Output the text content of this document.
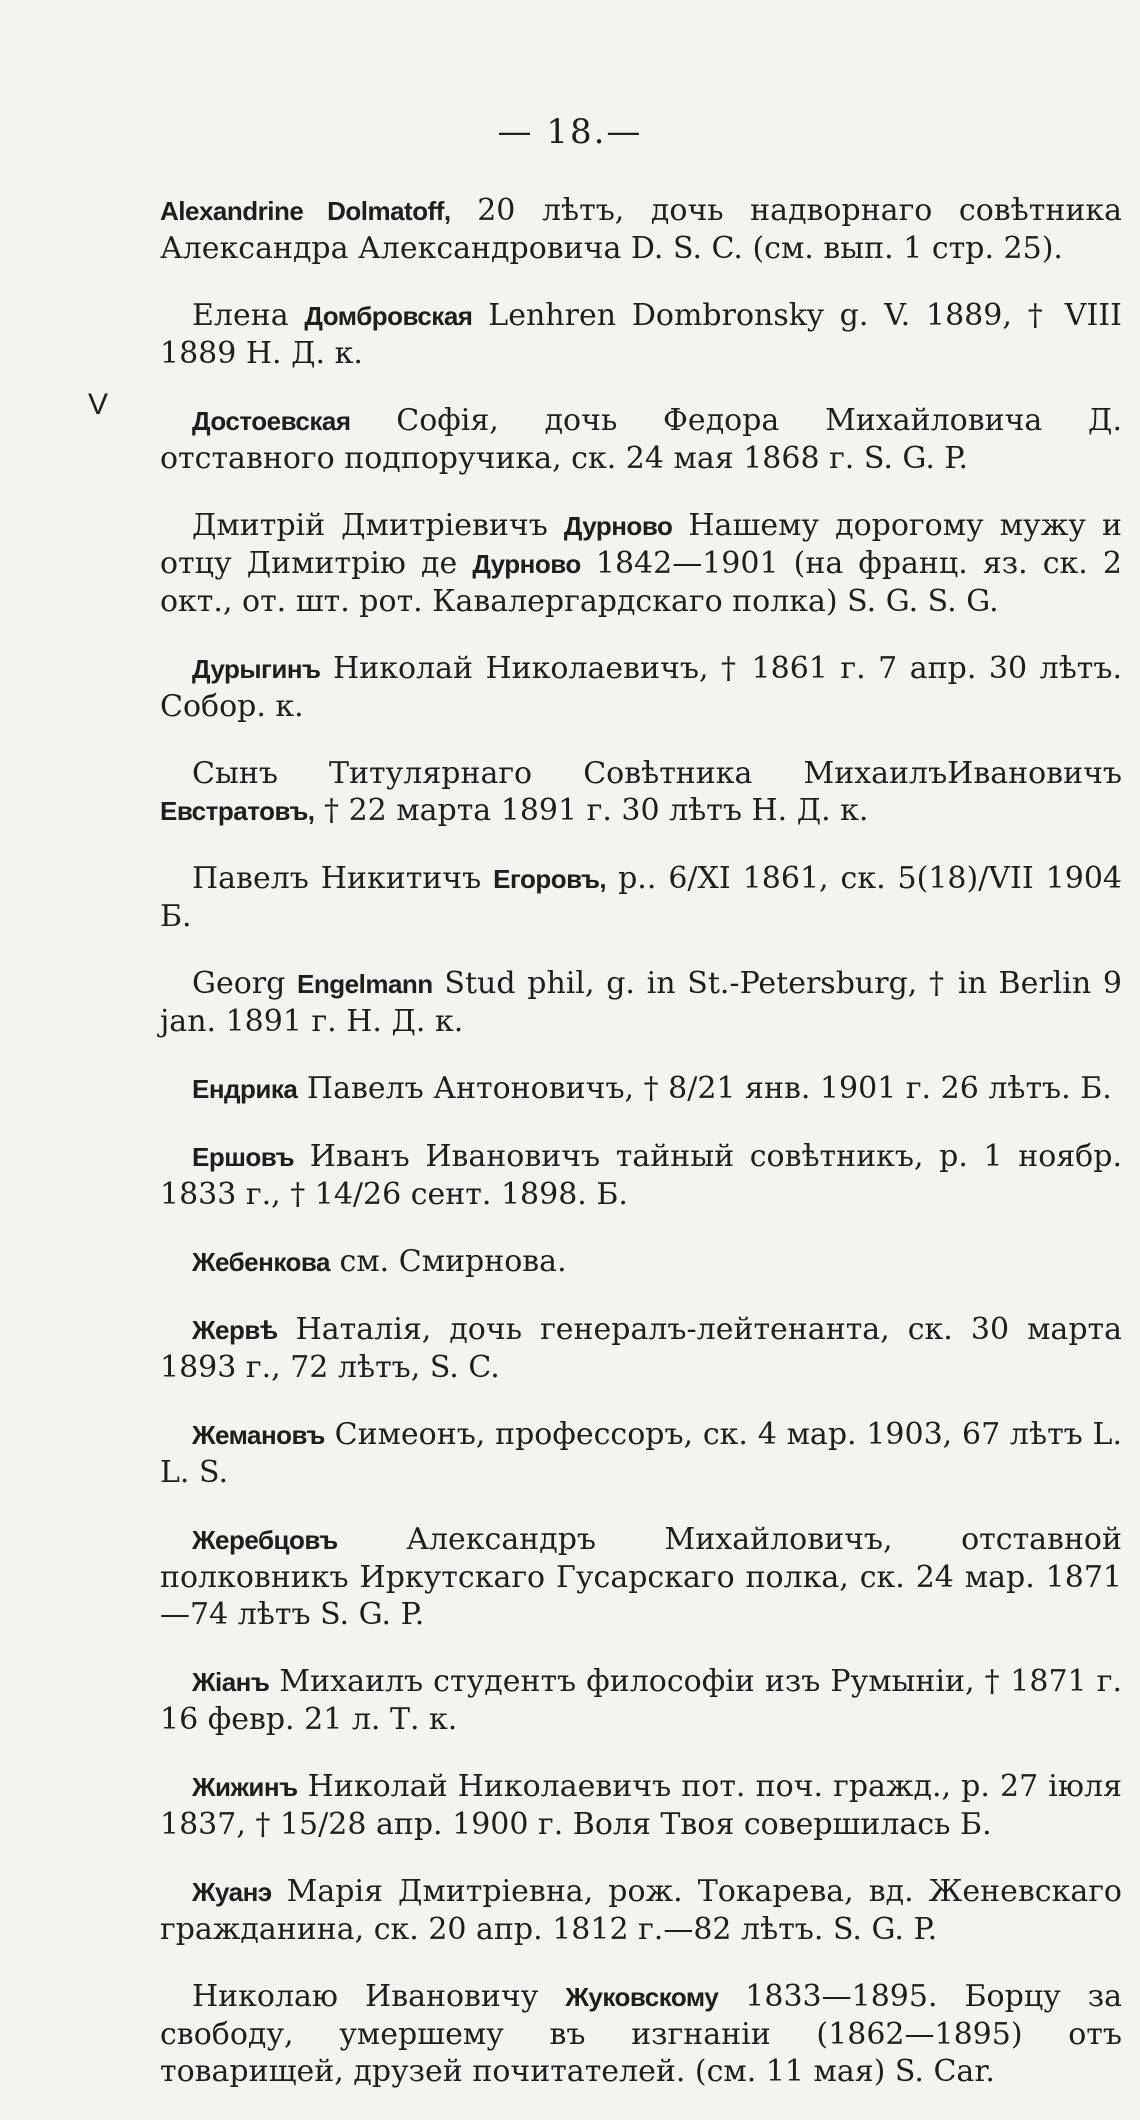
— 18.—
V

Alexandrine Dolmatoff, 20 лѣтъ, дочь надворнаго совѣтника Александра Александровича D. S. C. (см. вып. 1 стр. 25).

Елена Домбровская Lenhren Dombronsky g. V. 1889, † VIII 1889 Н. Д. к.

Достоевская Софія, дочь Федора Михайловича Д. отставного подпоручика, ск. 24 мая 1868 г. S. G. P.

Дмитрій Дмитріевичъ Дурново Нашему дорогому мужу и отцу Димитрію де Дурново 1842—1901 (на франц. яз. ск. 2 окт., от. шт. рот. Кавалергардскаго полка) S. G. S. G.

Дурыгинъ Николай Николаевичъ, † 1861 г. 7 апр. 30 лѣтъ. Собор. к.

Сынъ Титулярнаго Совѣтника МихаилъИвановичъ Евстратовъ, † 22 марта 1891 г. 30 лѣтъ Н. Д. к.

Павелъ Никитичъ Егоровъ, р.. 6/XI 1861, ск. 5(18)/VII 1904 Б.

Georg Engelmann Stud phil, g. in St.-Petersburg, † in Berlin 9 jan. 1891 г. Н. Д. к.

Ендрика Павелъ Антоновичъ, † 8/21 янв. 1901 г. 26 лѣтъ. Б.

Ершовъ Иванъ Ивановичъ тайный совѣтникъ, р. 1 ноябр. 1833 г., † 14/26 сент. 1898. Б.

Жебенкова см. Смирнова.

Жервѣ Наталія, дочь генералъ-лейтенанта, ск. 30 марта 1893 г., 72 лѣтъ, S. C.

Жемановъ Симеонъ, профессоръ, ск. 4 мар. 1903, 67 лѣтъ L. L. S.

Жеребцовъ Александръ Михайловичъ, отставной полковникъ Иркутскаго Гусарскаго полка, ск. 24 мар. 1871—74 лѣтъ S. G. P.

Жіанъ Михаилъ студентъ философіи изъ Румыніи, † 1871 г. 16 февр. 21 л. Т. к.

Жижинъ Николай Николаевичъ пот. поч. гражд., р. 27 іюля 1837, † 15/28 апр. 1900 г. Воля Твоя совершилась Б.

Жуанэ Марія Дмитріевна, рож. Токарева, вд. Женевскаго гражданина, ск. 20 апр. 1812 г.—82 лѣтъ. S. G. P.

Николаю Ивановичу Жуковскому 1833—1895. Борцу за свободу, умершему въ изгнаніи (1862—1895) отъ товарищей, друзей почитателей. (см. 11 мая) S. Car.
